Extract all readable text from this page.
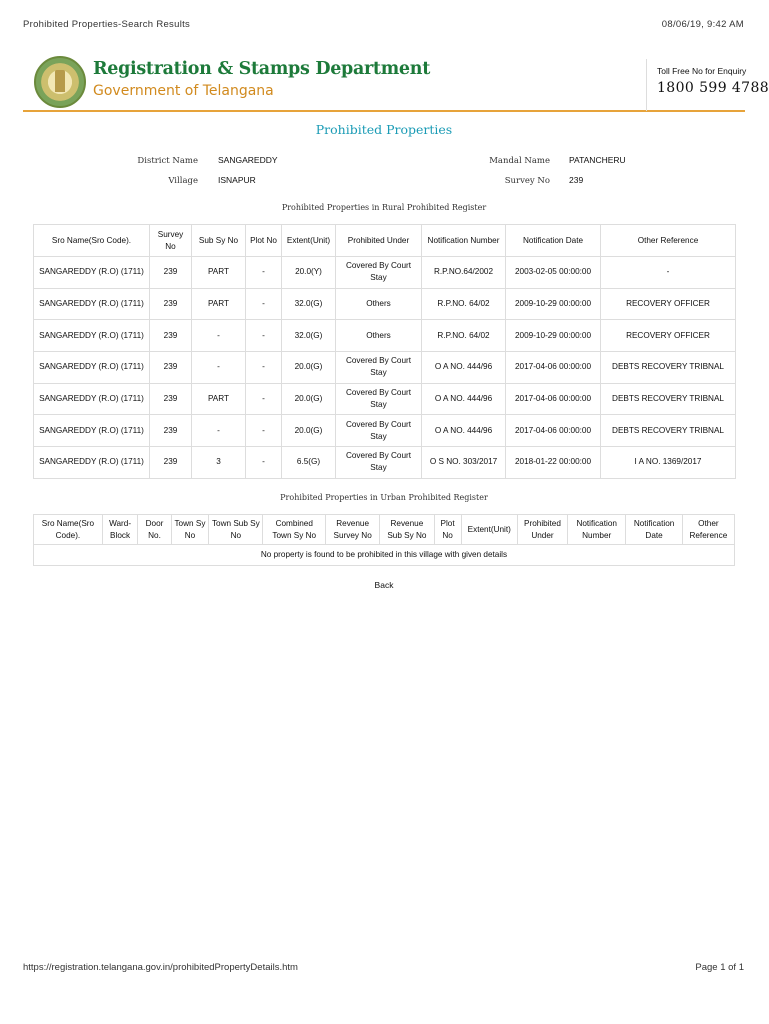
Prohibited Properties-Search Results	08/06/19, 9:42 AM
Registration & Stamps Department
Government of Telangana
Toll Free No for Enquiry
1800 599 4788
Prohibited Properties
District Name SANGAREDDY	Mandal Name PATANCHERU
Village ISNAPUR	Survey No 239
Prohibited Properties in Rural Prohibited Register
Sro Name(Sro Code).	Survey No	Sub Sy No	Plot No	Extent(Unit)	Prohibited Under	Notification Number	Notification Date	Other Reference
SANGAREDDY (R.O) (1711)	239	PART	-	20.0(Y)	Covered By Court Stay	R.P.NO.64/2002	2003-02-05 00:00:00	-
SANGAREDDY (R.O) (1711)	239	PART	-	32.0(G)	Others	R.P.NO. 64/02	2009-10-29 00:00:00	RECOVERY OFFICER
SANGAREDDY (R.O) (1711)	239	-	-	32.0(G)	Others	R.P.NO. 64/02	2009-10-29 00:00:00	RECOVERY OFFICER
SANGAREDDY (R.O) (1711)	239	-	-	20.0(G)	Covered By Court Stay	O A NO. 444/96	2017-04-06 00:00:00	DEBTS RECOVERY TRIBNAL
SANGAREDDY (R.O) (1711)	239	PART	-	20.0(G)	Covered By Court Stay	O A NO. 444/96	2017-04-06 00:00:00	DEBTS RECOVERY TRIBNAL
SANGAREDDY (R.O) (1711)	239	-	-	20.0(G)	Covered By Court Stay	O A NO. 444/96	2017-04-06 00:00:00	DEBTS RECOVERY TRIBNAL
SANGAREDDY (R.O) (1711)	239	3	-	6.5(G)	Covered By Court Stay	O S NO. 303/2017	2018-01-22 00:00:00	I A NO. 1369/2017
Prohibited Properties in Urban Prohibited Register
Sro Name(Sro Code).	Ward-Block	Door No.	Town Sy No	Town Sub Sy No	Combined Town Sy No	Revenue Survey No	Revenue Sub Sy No	Plot No	Extent(Unit)	Prohibited Under	Notification Number	Notification Date	Other Reference
No property is found to be prohibited in this village with given details
Back
https://registration.telangana.gov.in/prohibitedPropertyDetails.htm	Page 1 of 1
